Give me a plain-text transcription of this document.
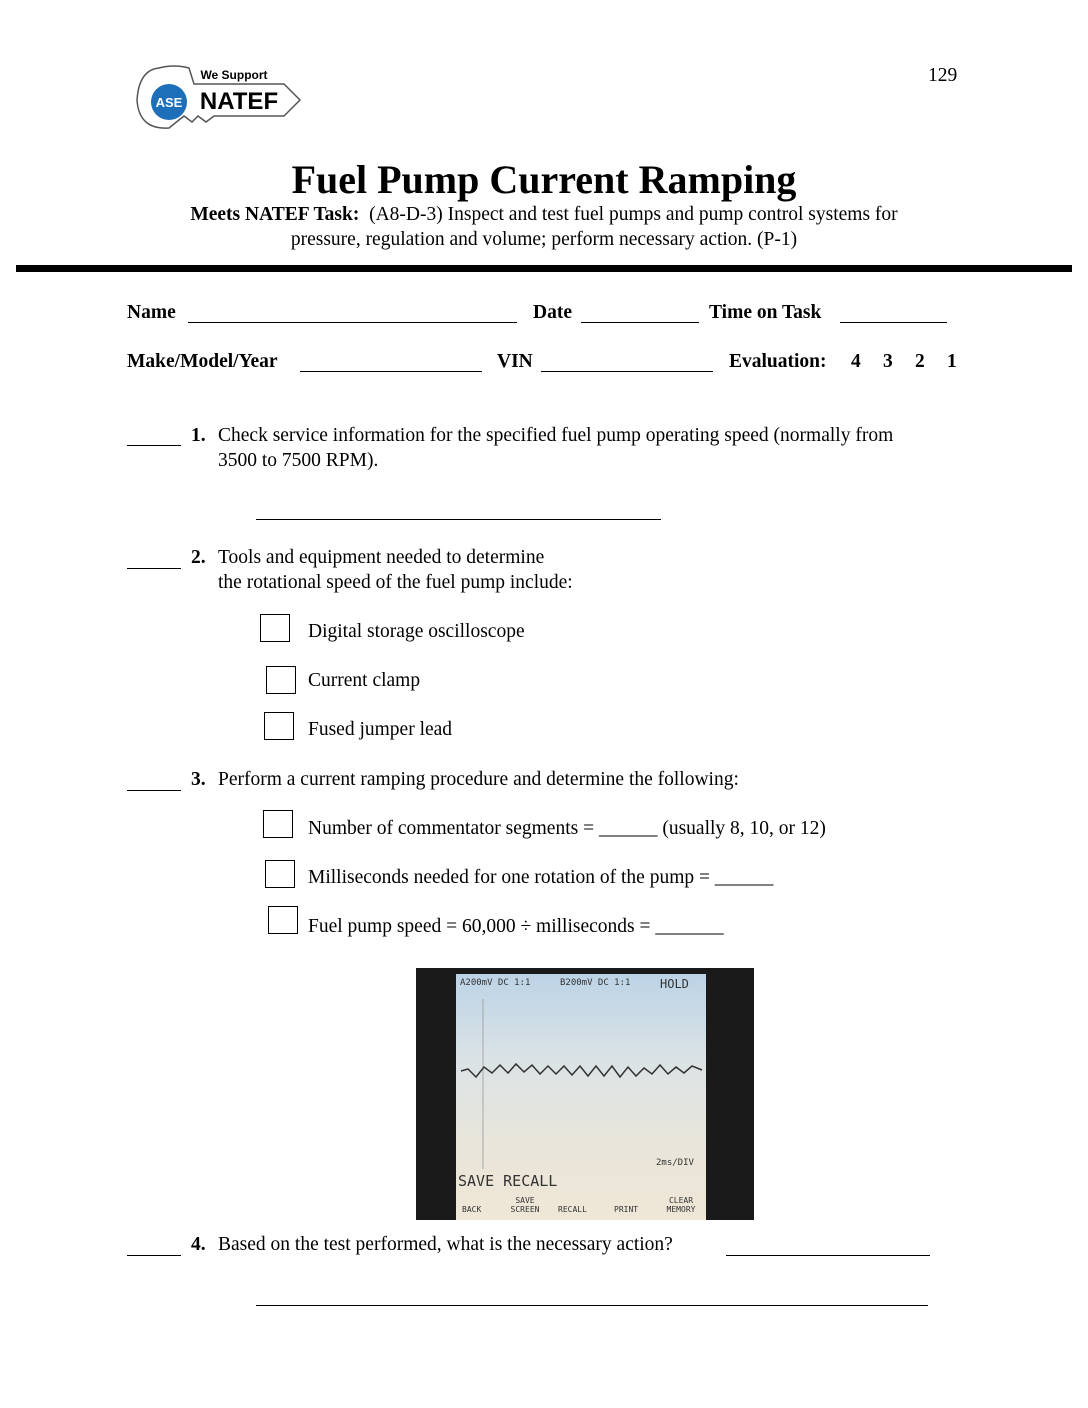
129
ASE
We Support
NATEF
Fuel Pump Current Ramping
Meets NATEF Task: (A8-D-3) Inspect and test fuel pumps and pump control systems for
pressure, regulation and volume; perform necessary action. (P-1)
Name	Date	Time on Task
Make/Model/Year	VIN	Evaluation: 4 3 2 1
1. Check service information for the specified fuel pump operating speed (normally from
3500 to 7500 RPM).
2. Tools and equipment needed to determine
the rotational speed of the fuel pump include:
Digital storage oscilloscope
Current clamp
Fused jumper lead
3. Perform a current ramping procedure and determine the following:
Number of commentator segments = ______ (usually 8, 10, or 12)
Milliseconds needed for one rotation of the pump = ______
Fuel pump speed = 60,000 ÷ milliseconds = _______
A200mV DC 1:1	B200mV DC 1:1 HOLD
2ms/DIV
SAVE RECALL
BACK
SAVE SCREEN	RECALL	PRINT
CLEAR MEMORY
4. Based on the test performed, what is the necessary action?
